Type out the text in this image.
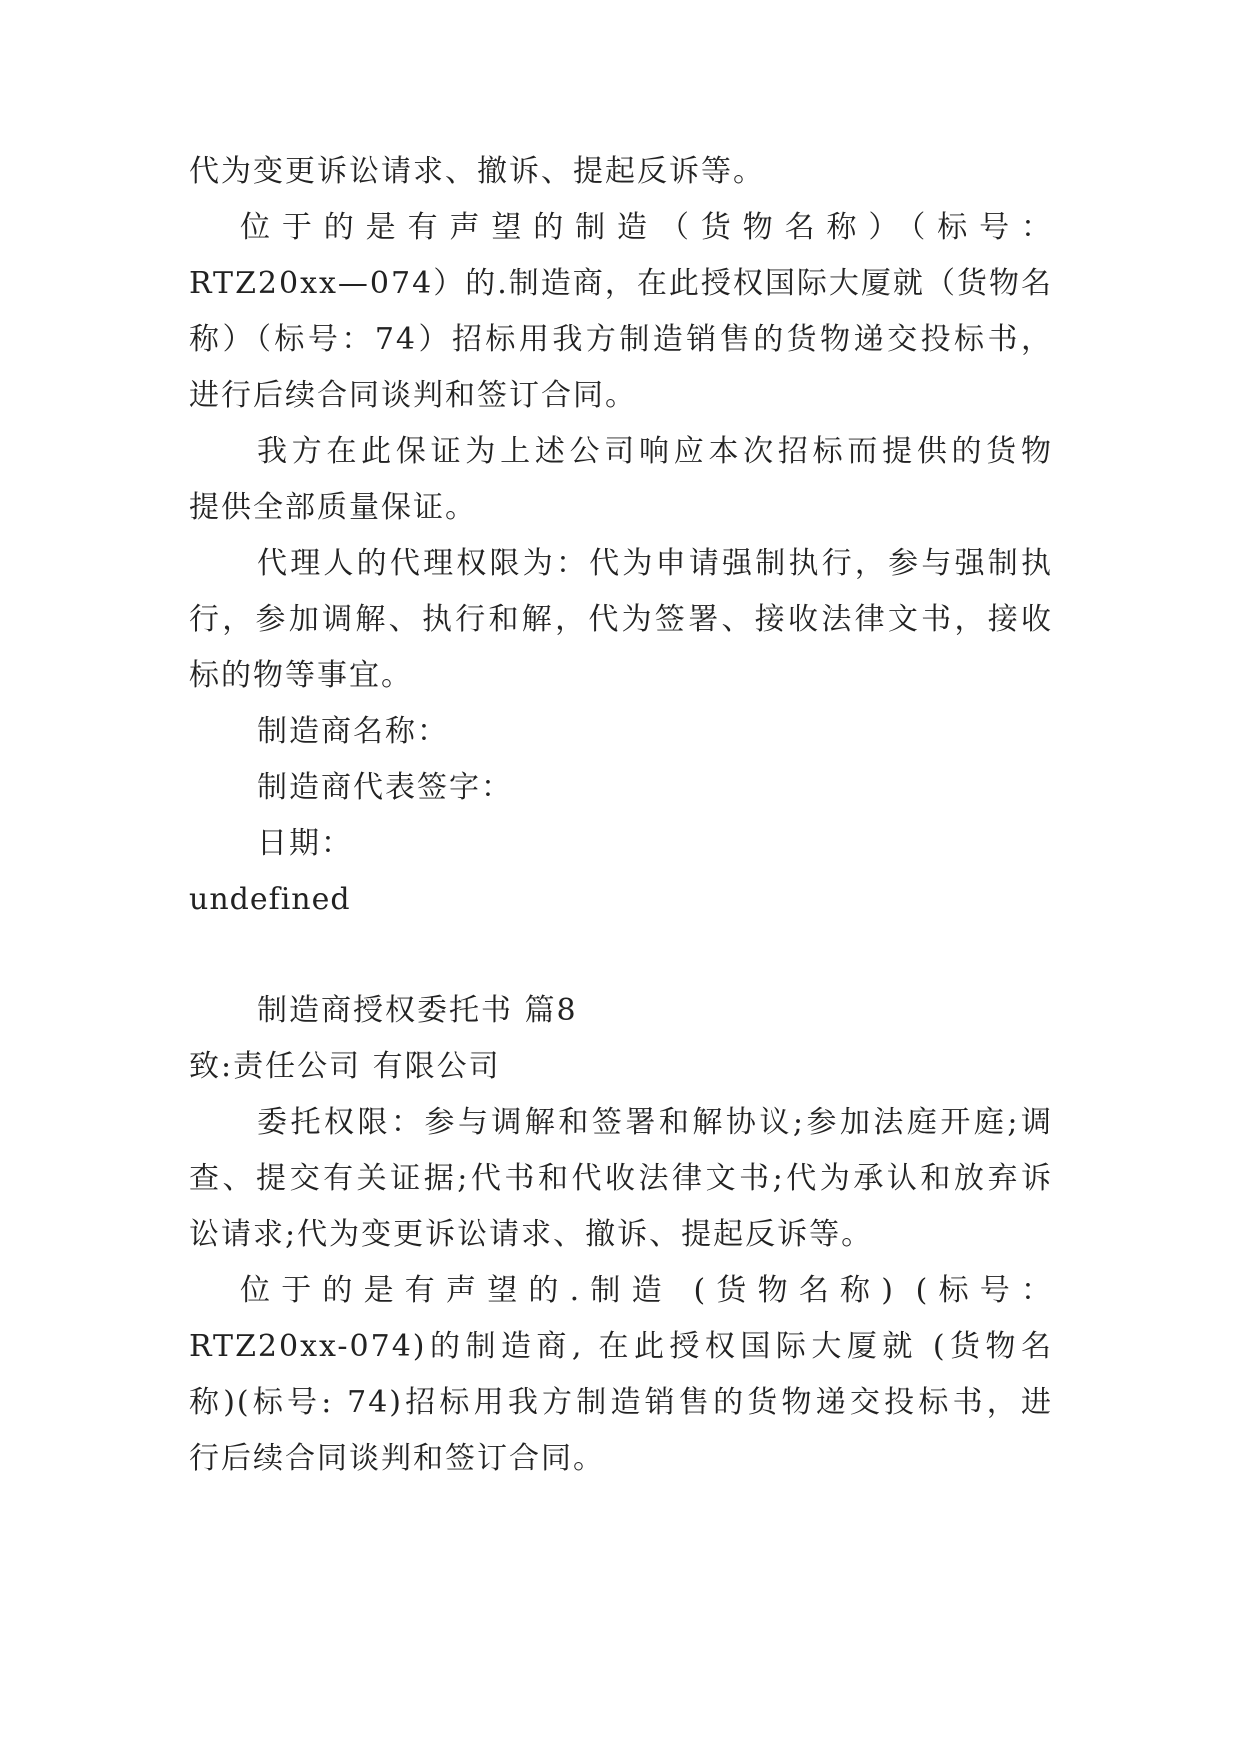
代为变更诉讼请求、撤诉、提起反诉等。
位于的是有声望的制造（货物名称）（标号：
RTZ20xx—074）的.制造商，在此授权国际大厦就（货物名
称）（标号：74）招标用我方制造销售的货物递交投标书，
进行后续合同谈判和签订合同。
我方在此保证为上述公司响应本次招标而提供的货物
提供全部质量保证。
代理人的代理权限为：代为申请强制执行，参与强制执
行，参加调解、执行和解，代为签署、接收法律文书，接收
标的物等事宜。
制造商名称：
制造商代表签字：
日期：
undefined
制造商授权委托书 篇8
致:责任公司 有限公司
委托权限：参与调解和签署和解协议;参加法庭开庭;调
查、提交有关证据;代书和代收法律文书;代为承认和放弃诉
讼请求;代为变更诉讼请求、撤诉、提起反诉等。
位于的是有声望的.制造 (货物名称) (标号：
RTZ20xx-074)的制造商, 在此授权国际大厦就 (货物名
称)(标号: 74)招标用我方制造销售的货物递交投标书，进
行后续合同谈判和签订合同。
